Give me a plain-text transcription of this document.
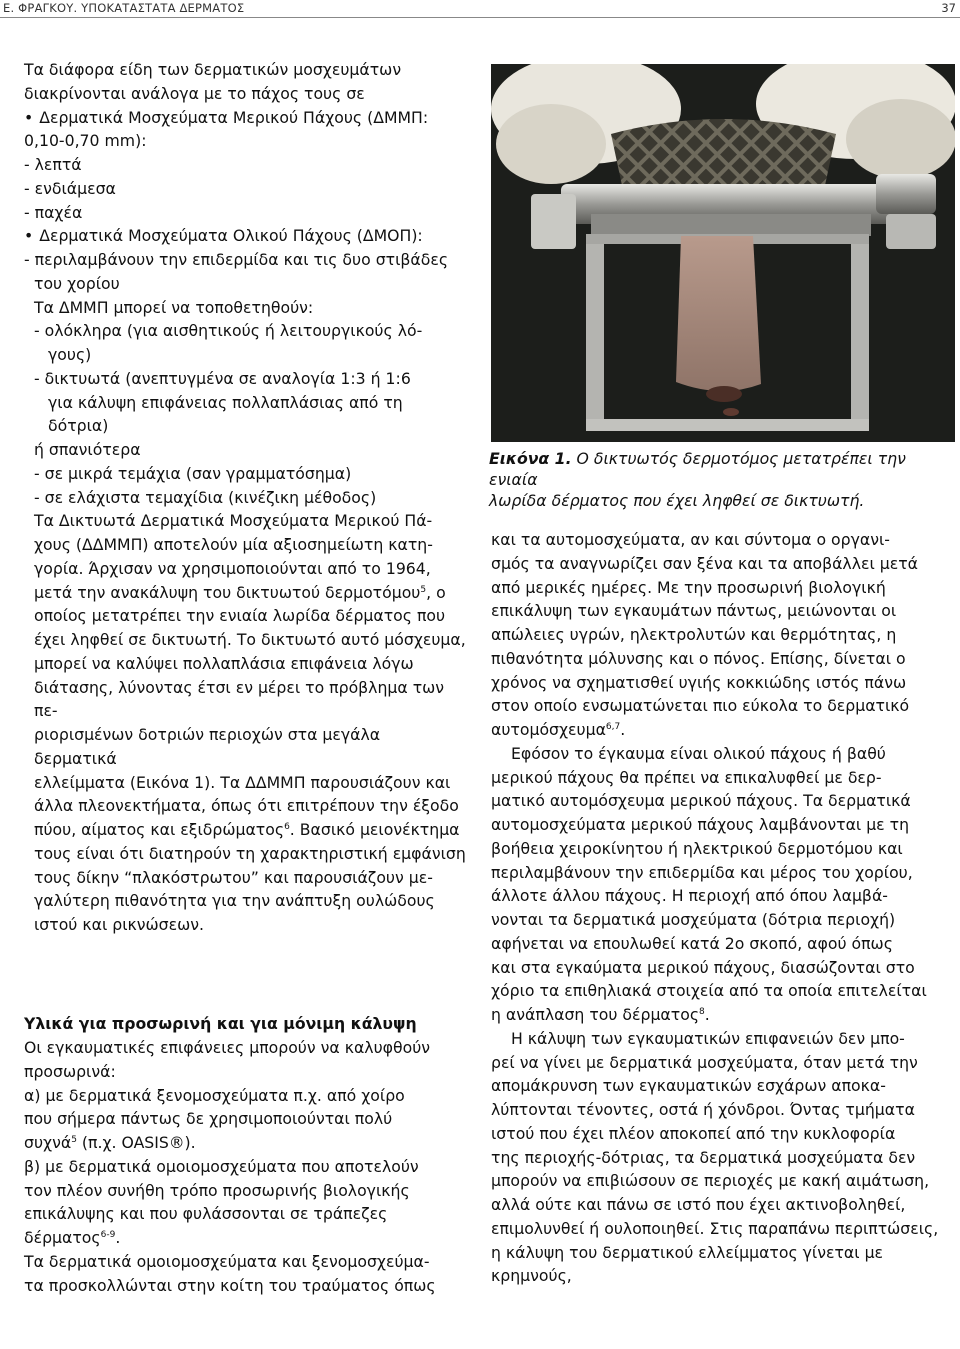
Ε. ΦΡΑΓΚΟΥ. ΥΠΟΚΑΤΑΣΤΑΤΑ ΔΕΡΜΑΤΟΣ	37

Τα διάφορα είδη των δερματικών μοσχευμάτων

διακρίνονται ανάλογα με το πάχος τους σε

• Δερματικά Μοσχεύματα Μερικού Πάχους (ΔΜΜΠ:

0,10-0,70 mm):

- λεπτά

- ενδιάμεσα

- παχέα

• Δερματικά Μοσχεύματα Ολικού Πάχους (ΔΜΟΠ):

- περιλαμβάνουν την επιδερμίδα και τις δυο στιβάδες

του χορίου

Τα ΔΜΜΠ μπορεί να τοποθετηθούν:

- ολόκληρα (για αισθητικούς ή λειτουργικούς λό-

γους)

- δικτυωτά (ανεπτυγμένα σε αναλογία 1:3 ή 1:6

για κάλυψη επιφάνειας πολλαπλάσιας από τη

δότρια)

ή σπανιότερα

- σε μικρά τεμάχια (σαν γραμματόσημα)

- σε ελάχιστα τεμαχίδια (κινέζικη μέθοδος)

Τα Δικτυωτά Δερματικά Μοσχεύματα Μερικού Πά-

χους (ΔΔΜΜΠ) αποτελούν μία αξιοσημείωτη κατη-

γορία. Άρχισαν να χρησιμοποιούνται από το 1964,

μετά την ανακάλυψη του δικτυωτού δερμοτόμου$^5$, ο

οποίος μετατρέπει την ενιαία λωρίδα δέρματος που

έχει ληφθεί σε δικτυωτή. Το δικτυωτό αυτό μόσχευμα,

μπορεί να καλύψει πολλαπλάσια επιφάνεια λόγω

διάτασης, λύνοντας έτσι εν μέρει το πρόβλημα των πε-

ριορισμένων δοτριών περιοχών στα μεγάλα δερματικά

ελλείμματα (Εικόνα 1). Τα ΔΔΜΜΠ παρουσιάζουν και

άλλα πλεονεκτήματα, όπως ότι επιτρέπουν την έξοδο

πύου, αίματος και εξιδρώματος$^6$. Βασικό μειονέκτημα

τους είναι ότι διατηρούν τη χαρακτηριστική εμφάνιση

τους δίκην “πλακόστρωτου” και παρουσιάζουν με-

γαλύτερη πιθανότητα για την ανάπτυξη ουλώδους

ιστού και ρικνώσεων.

Υλικά για προσωρινή και για μόνιμη κάλυψη

Οι εγκαυματικές επιφάνειες μπορούν να καλυφθούν

προσωρινά:

α) με δερματικά ξενομοσχεύματα π.χ. από χοίρο

που σήμερα πάντως δε χρησιμοποιούνται πολύ

συχνά$^5$ (π.χ. OASIS®).

β) με δερματικά ομοιομοσχεύματα που αποτελούν

τον πλέον συνήθη τρόπο προσωρινής βιολογικής

επικάλυψης και που φυλάσσονται σε τράπεζες

δέρματος$^{6-9}$.

Τα δερματικά ομοιομοσχεύματα και ξενομοσχεύμα-

τα προσκολλώνται στην κοίτη του τραύματος όπως

Εικόνα 1. Ο δικτυωτός δερμοτόμος μετατρέπει την ενιαία
λωρίδα δέρματος που έχει ληφθεί σε δικτυωτή.

και τα αυτομοσχεύματα, αν και σύντομα ο οργανι-

σμός τα αναγνωρίζει σαν ξένα και τα αποβάλλει μετά

από μερικές ημέρες. Με την προσωρινή βιολογική

επικάλυψη των εγκαυμάτων πάντως, μειώνονται οι

απώλειες υγρών, ηλεκτρολυτών και θερμότητας, η

πιθανότητα μόλυνσης και ο πόνος. Επίσης, δίνεται ο

χρόνος να σχηματισθεί υγιής κοκκιώδης ιστός πάνω

στον οποίο ενσωματώνεται πιο εύκολα το δερματικό

αυτομόσχευμα$^{6,7}$.

Εφόσον το έγκαυμα είναι ολικού πάχους ή βαθύ

μερικού πάχους θα πρέπει να επικαλυφθεί με δερ-

ματικό αυτομόσχευμα μερικού πάχους. Τα δερματικά

αυτομοσχεύματα μερικού πάχους λαμβάνονται με τη

βοήθεια χειροκίνητου ή ηλεκτρικού δερμοτόμου και

περιλαμβάνουν την επιδερμίδα και μέρος του χορίου,

άλλοτε άλλου πάχους. Η περιοχή από όπου λαμβά-

νονται τα δερματικά μοσχεύματα (δότρια περιοχή)

αφήνεται να επουλωθεί κατά 2ο σκοπό, αφού όπως

και στα εγκαύματα μερικού πάχους, διασώζονται στο

χόριο τα επιθηλιακά στοιχεία από τα οποία επιτελείται

η ανάπλαση του δέρματος$^8$.

Η κάλυψη των εγκαυματικών επιφανειών δεν μπο-

ρεί να γίνει με δερματικά μοσχεύματα, όταν μετά την

απομάκρυνση των εγκαυματικών εσχάρων αποκα-

λύπτονται τένοντες, οστά ή χόνδροι. Όντας τμήματα

ιστού που έχει πλέον αποκοπεί από την κυκλοφορία

της περιοχής-δότριας, τα δερματικά μοσχεύματα δεν

μπορούν να επιβιώσουν σε περιοχές με κακή αιμάτωση,

αλλά ούτε και πάνω σε ιστό που έχει ακτινοβοληθεί,

επιμολυνθεί ή ουλοποιηθεί. Στις παραπάνω περιπτώσεις,

η κάλυψη του δερματικού ελλείμματος γίνεται με

κρημνούς,
